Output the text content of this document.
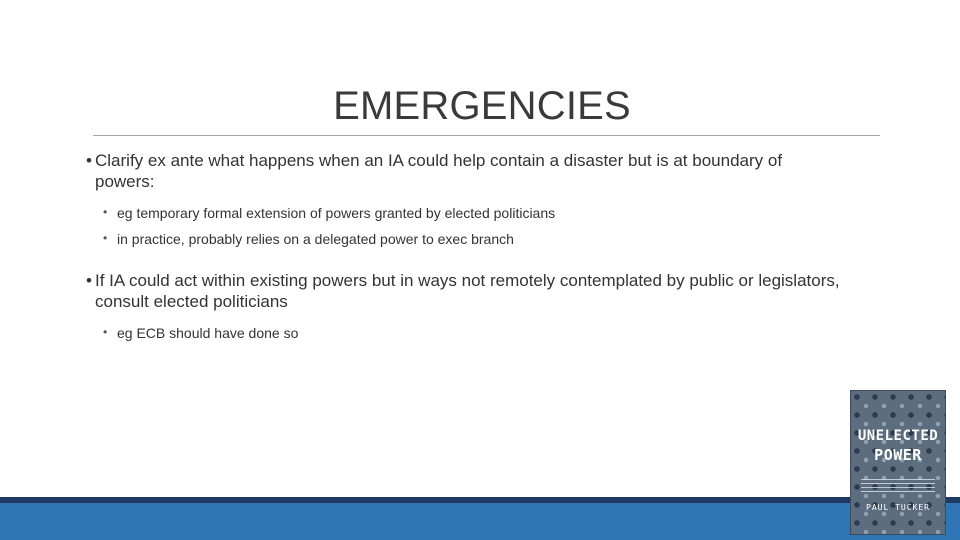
EMERGENCIES
• Clarify ex ante what happens when an IA could help contain a disaster but is at boundary of powers:
• eg temporary formal extension of powers granted by elected politicians
• in practice, probably relies on a delegated power to exec branch
• If IA could act within existing powers but in ways not remotely contemplated by public or legislators, consult elected politicians
• eg ECB should have done so
UNELECTED
POWER
PAUL TUCKER
